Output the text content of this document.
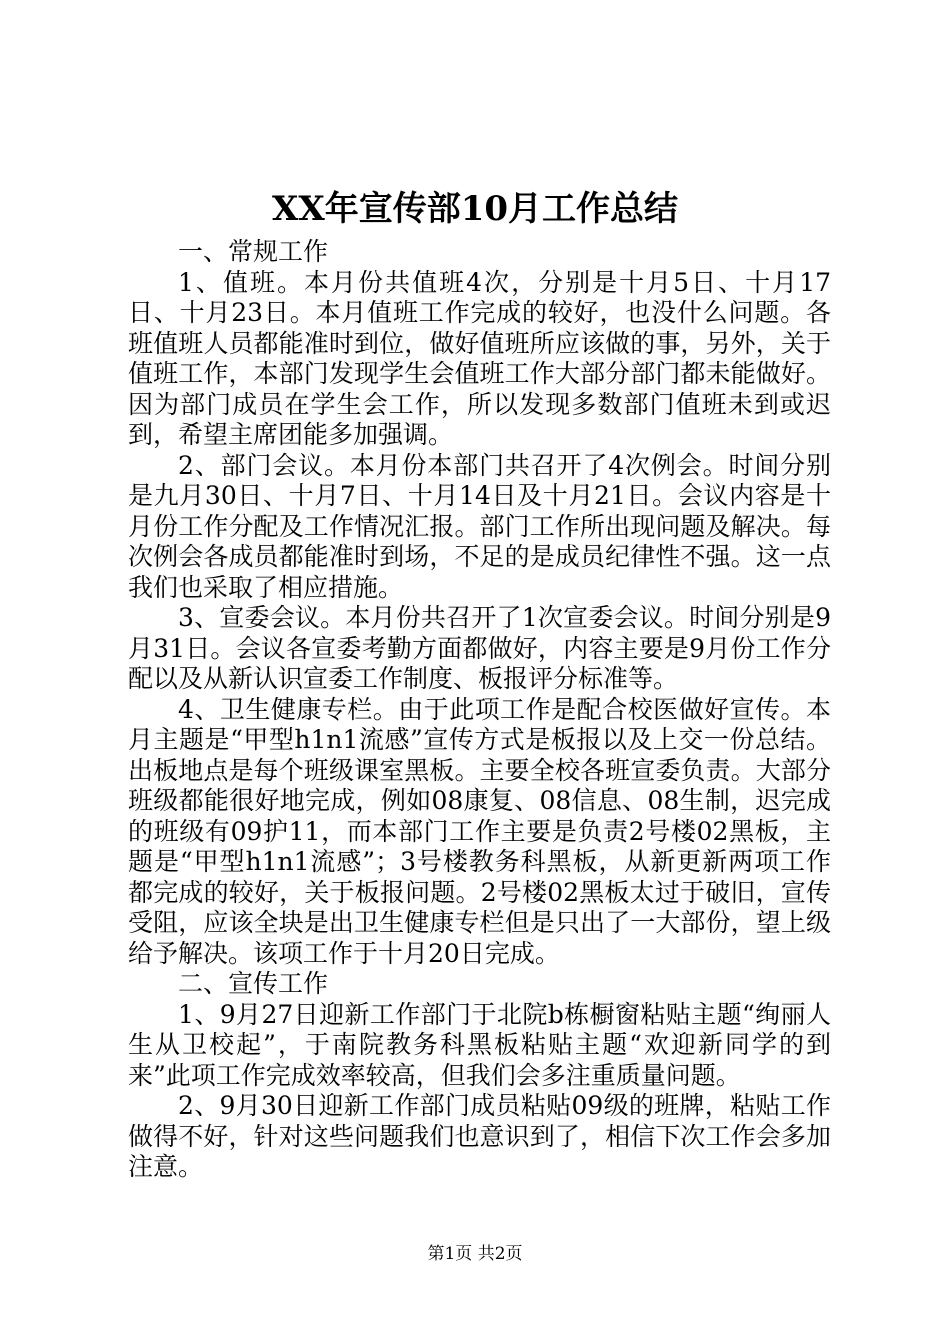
XX年宣传部10月工作总结

一、常规工作

1、值班。本月份共值班4次，分别是十月5日、十月17日、十月23日。本月值班工作完成的较好，也没什么问题。各班值班人员都能准时到位，做好值班所应该做的事，另外，关于值班工作，本部门发现学生会值班工作大部分部门都未能做好。因为部门成员在学生会工作，所以发现多数部门值班未到或迟到，希望主席团能多加强调。

2、部门会议。本月份本部门共召开了4次例会。时间分别是九月30日、十月7日、十月14日及十月21日。会议内容是十月份工作分配及工作情况汇报。部门工作所出现问题及解决。每次例会各成员都能准时到场，不足的是成员纪律性不强。这一点我们也采取了相应措施。

3、宣委会议。本月份共召开了1次宣委会议。时间分别是9月31日。会议各宣委考勤方面都做好，内容主要是9月份工作分配以及从新认识宣委工作制度、板报评分标准等。

4、卫生健康专栏。由于此项工作是配合校医做好宣传。本月主题是“甲型h1n1流感”宣传方式是板报以及上交一份总结。出板地点是每个班级课室黑板。主要全校各班宣委负责。大部分班级都能很好地完成，例如08康复、08信息、08生制，迟完成的班级有09护11，而本部门工作主要是负责2号楼02黑板，主题是“甲型h1n1流感”；3号楼教务科黑板，从新更新两项工作都完成的较好，关于板报问题。2号楼02黑板太过于破旧，宣传受阻，应该全块是出卫生健康专栏但是只出了一大部份，望上级给予解决。该项工作于十月20日完成。

二、宣传工作

1、9月27日迎新工作部门于北院b栋橱窗粘贴主题“绚丽人生从卫校起”，于南院教务科黑板粘贴主题“欢迎新同学的到来”此项工作完成效率较高，但我们会多注重质量问题。

2、9月30日迎新工作部门成员粘贴09级的班牌，粘贴工作做得不好，针对这些问题我们也意识到了，相信下次工作会多加注意。

第1页 共2页
